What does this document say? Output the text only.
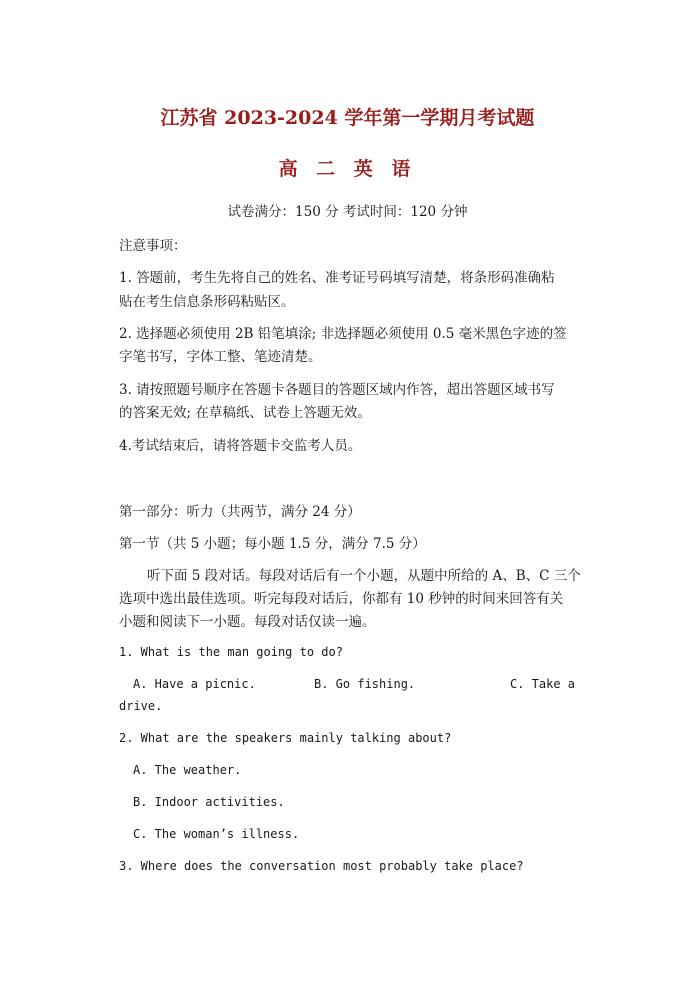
江苏省 2023-2024 学年第一学期月考试题
高 二 英 语
试卷满分：150 分 考试时间：120 分钟
注意事项：
1. 答题前，考生先将自己的姓名、准考证号码填写清楚，将条形码准确粘
贴在考生信息条形码粘贴区。
2. 选择题必须使用 2B 铅笔填涂; 非选择题必须使用 0.5 毫米黑色字迹的签
字笔书写，字体工整、笔迹清楚。
3. 请按照题号顺序在答题卡各题目的答题区域内作答，超出答题区域书写
的答案无效; 在草稿纸、试卷上答题无效。
4.考试结束后，请将答题卡交监考人员。
第一部分：听力（共两节，满分 24 分）
第一节（共 5 小题；每小题 1.5 分，满分 7.5 分）
听下面 5 段对话。每段对话后有一个小题，从题中所给的 A、B、C 三个
选项中选出最佳选项。听完每段对话后，你都有 10 秒钟的时间来回答有关
小题和阅读下一小题。每段对话仅读一遍。
1. What is the man going to do?
A. Have a picnic.	B. Go fishing.	C. Take a
drive.
2. What are the speakers mainly talking about?
A. The weather.
B. Indoor activities.
C. The woman’s illness.
3. Where does the conversation most probably take place?
